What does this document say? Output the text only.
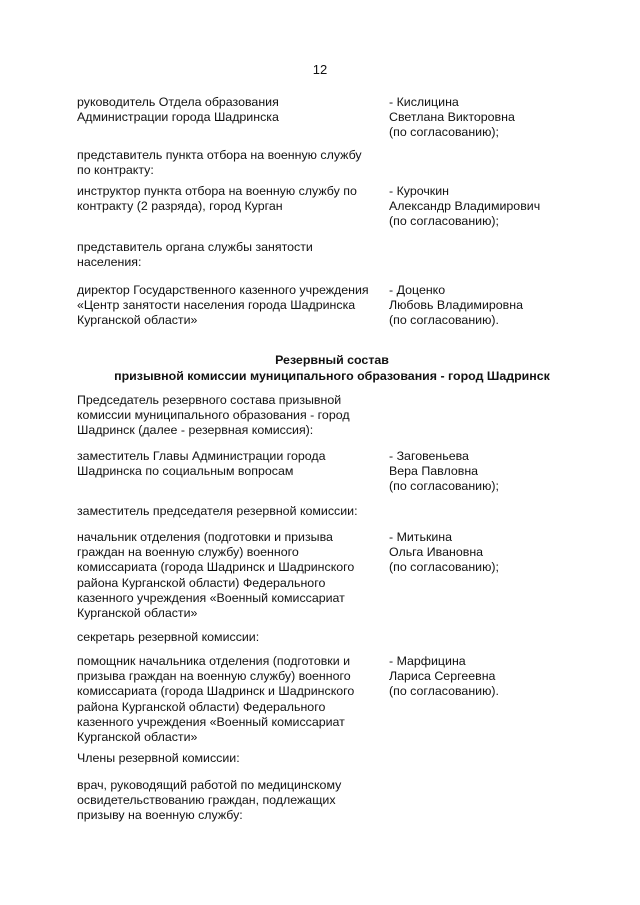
12
руководитель Отдела образования
Администрации города Шадринска
- Кислицина
Светлана Викторовна
(по согласованию);
представитель пункта отбора на военную службу
по контракту:
инструктор пункта отбора на военную службу по
контракту (2 разряда), город Курган
- Курочкин
Александр Владимирович
(по согласованию);
представитель органа службы занятости
населения:
директор Государственного казенного учреждения
«Центр занятости населения города Шадринска
Курганской области»
- Доценко
Любовь Владимировна
(по согласованию).
Резервный состав
призывной комиссии муниципального образования - город Шадринск
Председатель резервного состава призывной
комиссии муниципального образования - город
Шадринск (далее - резервная комиссия):
заместитель Главы Администрации города
Шадринска по социальным вопросам
- Заговеньева
Вера Павловна
(по согласованию);
заместитель председателя резервной комиссии:
начальник отделения (подготовки и призыва
граждан на военную службу) военного
комиссариата (города Шадринск и Шадринского
района Курганской области) Федерального
казенного учреждения «Военный комиссариат
Курганской области»
- Митькина
Ольга Ивановна
(по согласованию);
секретарь резервной комиссии:
помощник начальника отделения (подготовки и
призыва граждан на военную службу) военного
комиссариата (города Шадринск и Шадринского
района Курганской области) Федерального
казенного учреждения «Военный комиссариат
Курганской области»
- Марфицина
Лариса Сергеевна
(по согласованию).
Члены резервной комиссии:
врач, руководящий работой по медицинскому
освидетельствованию граждан, подлежащих
призыву на военную службу:
